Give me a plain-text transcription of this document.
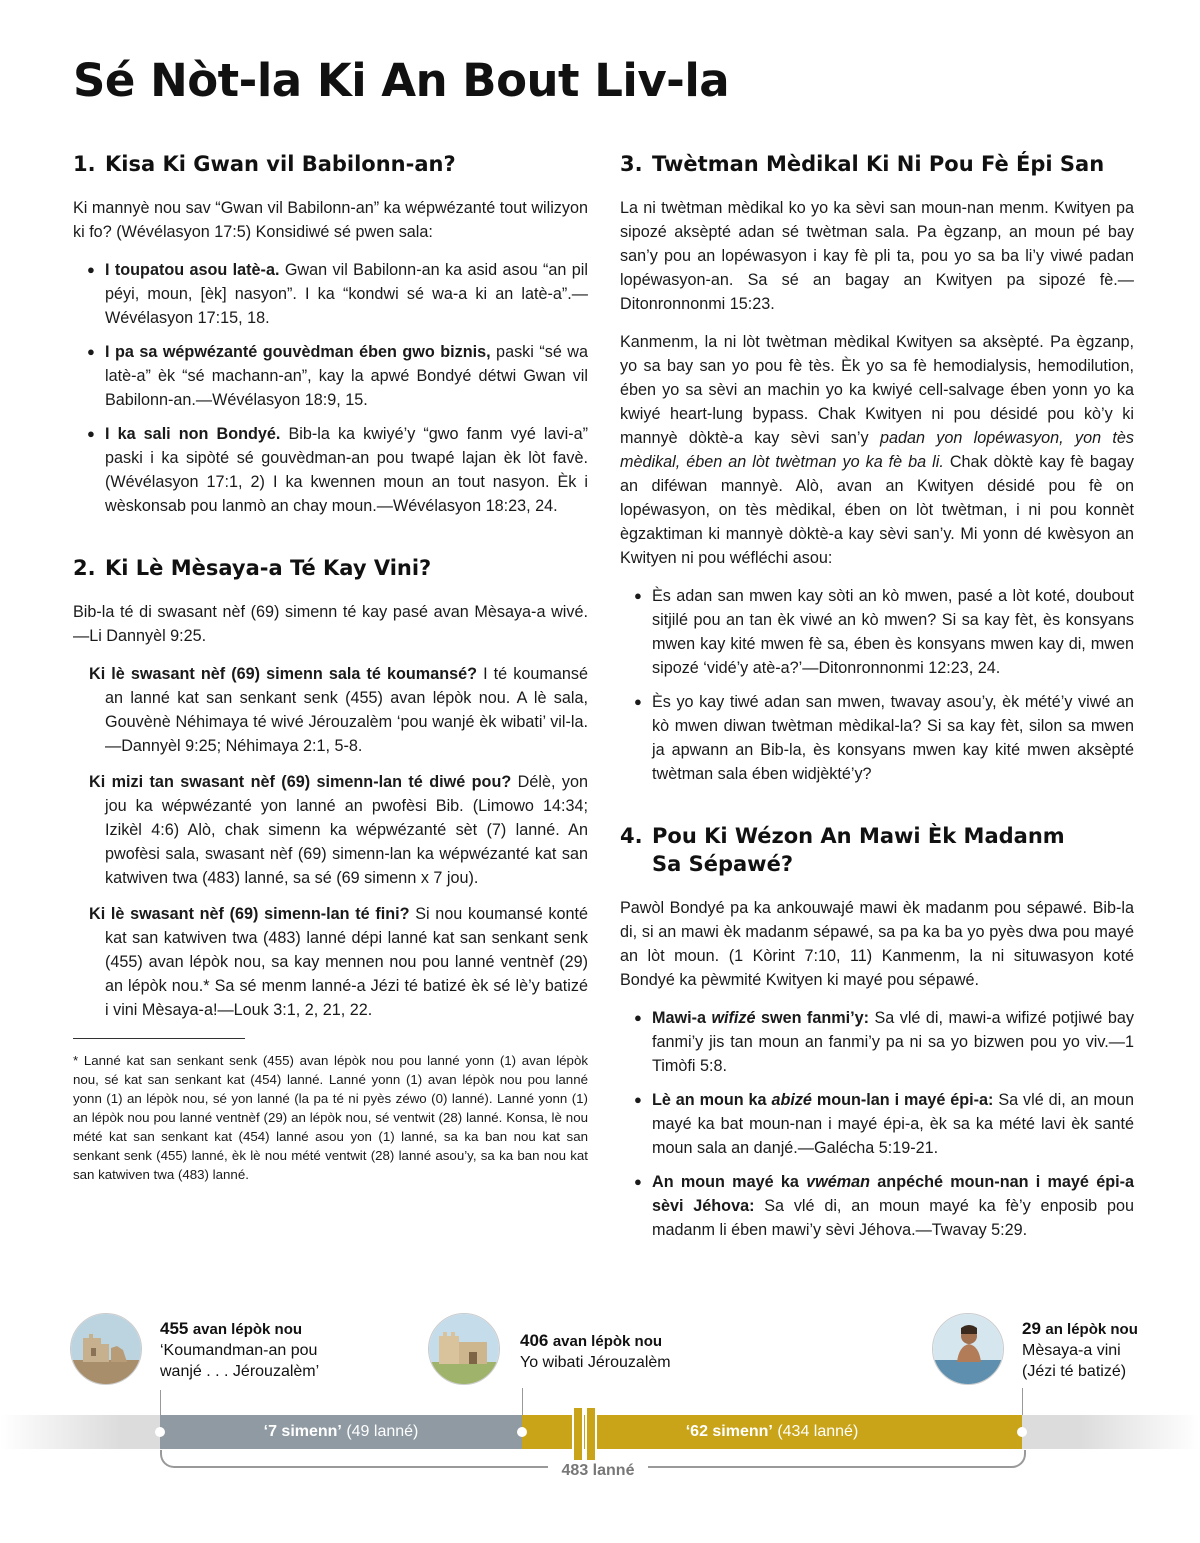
Sé Nòt-la Ki An Bout Liv-la
1. Kisa Ki Gwan vil Babilonn-an?

Ki mannyè nou sav “Gwan vil Babilonn-an” ka wépwézanté tout wilizyon ki fo? (Wévélasyon 17:5) Konsidiwé sé pwen sala:

● I toupatou asou latè-a. Gwan vil Babilonn-an ka asid asou “an pil péyi, moun, [èk] nasyon”. I ka “kondwi sé wa-a ki an latè-a”.—Wévélasyon 17:15, 18.
● I pa sa wépwézanté gouvèdman ében gwo biznis, paski “sé wa latè-a” èk “sé machann-an”, kay la apwé Bondyé détwi Gwan vil Babilonn-an.—Wévélasyon 18:9, 15.
● I ka sali non Bondyé. Bib-la ka kwiyé’y “gwo fanm vyé lavi-a” paski i ka sipòté sé gouvèdman-an pou twapé lajan èk lòt favè. (Wévélasyon 17:1, 2) I ka kwennen moun an tout nasyon. Èk i wèskonsab pou lanmò an chay moun.—Wévélasyon 18:23, 24.
2. Ki Lè Mèsaya-a Té Kay Vini?

Bib-la té di swasant nèf (69) simenn té kay pasé avan Mèsaya-a wivé.—Li Dannyèl 9:25.

Ki lè swasant nèf (69) simenn sala té koumansé? I té koumansé an lanné kat san senkant senk (455) avan lépòk nou. A lè sala, Gouvènè Néhimaya té wivé Jérouzalèm ‘pou wanjé èk wibati’ vil-la.—Dannyèl 9:25; Néhimaya 2:1, 5-8.

Ki mizi tan swasant nèf (69) simenn-lan té diwé pou? Délè, yon jou ka wépwézanté yon lanné an pwofèsi Bib. (Limowo 14:34; Izikèl 4:6) Alò, chak simenn ka wépwézanté sèt (7) lanné. An pwofèsi sala, swasant nèf (69) simenn-lan ka wépwézanté kat san katwiven twa (483) lanné, sa sé (69 simenn x 7 jou).

Ki lè swasant nèf (69) simenn-lan té fini? Si nou koumansé konté kat san katwiven twa (483) lanné dépi lanné kat san senkant senk (455) avan lépòk nou, sa kay mennen nou pou lanné ventnèf (29) an lépòk nou.* Sa sé menm lanné-a Jézi té batizé èk sé lè’y batizé i vini Mèsaya-a!—Louk 3:1, 2, 21, 22.

* Lanné kat san senkant senk (455) avan lépòk nou pou lanné yonn (1) avan lépòk nou, sé kat san senkant kat (454) lanné. Lanné yonn (1) avan lépòk nou pou lanné yonn (1) an lépòk nou, sé yon lanné (la pa té ni pyès zéwo (0) lanné). Lanné yonn (1) an lépòk nou pou lanné ventnèf (29) an lépòk nou, sé ventwit (28) lanné. Konsa, lè nou mété kat san senkant kat (454) lanné asou yon (1) lanné, sa ka ban nou kat san senkant senk (455) lanné, èk lè nou mété ventwit (28) lanné asou’y, sa ka ban nou kat san katwiven twa (483) lanné.

3. Twètman Mèdikal Ki Ni Pou Fè Épi San

La ni twètman mèdikal ko yo ka sèvi san moun-nan menm. Kwityen pa sipozé aksèpté adan sé twètman sala. Pa ègzanp, an moun pé bay san’y pou an lopéwasyon i kay fè pli ta, pou yo sa ba li’y viwé padan lopéwasyon-an. Sa sé an bagay an Kwityen pa sipozé fè.—Ditonronnonmi 15:23.

Kanmenm, la ni lòt twètman mèdikal Kwityen sa aksèpté. Pa ègzanp, yo sa bay san yo pou fè tès. Èk yo sa fè hemodialysis, hemodilution, ében yo sa sèvi an machin yo ka kwiyé cell-salvage ében yonn yo ka kwiyé heart-lung bypass. Chak Kwityen ni pou désidé pou kò’y ki mannyè dòktè-a kay sèvi san’y padan yon lopéwasyon, yon tès mèdikal, ében an lòt twètman yo ka fè ba li. Chak dòktè kay fè bagay an diféwan mannyè. Alò, avan an Kwityen désidé pou fè on lopéwasyon, on tès mèdikal, ében on lòt twètman, i ni pou konnèt ègzaktiman ki mannyè dòktè-a kay sèvi san’y. Mi yonn dé kwèsyon an Kwityen ni pou wéfléchi asou:

● Ès adan san mwen kay sòti an kò mwen, pasé a lòt koté, doubout sitjilé pou an tan èk viwé an kò mwen? Si sa kay fèt, ès konsyans mwen kay kité mwen fè sa, ében ès konsyans mwen kay di, mwen sipozé ‘vidé’y atè-a?’—Ditonronnonmi 12:23, 24.
● Ès yo kay tiwé adan san mwen, twavay asou’y, èk mété’y viwé an kò mwen diwan twètman mèdikal-la? Si sa kay fèt, silon sa mwen ja apwann an Bib-la, ès konsyans mwen kay kité mwen aksèpté twètman sala ében widjèkté’y?
4. Pou Ki Wézon An Mawi Èk Madanm
Sa Sépawé?

Pawòl Bondyé pa ka ankouwajé mawi èk madanm pou sépawé. Bib-la di, si an mawi èk madanm sépawé, sa pa ka ba yo pyès dwa pou mayé an lòt moun. (1 Kòrint 7:10, 11) Kanmenm, la ni situwasyon koté Bondyé ka pèwmité Kwityen ki mayé pou sépawé.

● Mawi-a wifizé swen fanmi’y: Sa vlé di, mawi-a wifizé potjiwé bay fanmi’y jis tan moun an fanmi’y pa ni sa yo bizwen pou yo viv.—1 Timòfi 5:8.
● Lè an moun ka abizé moun-lan i mayé épi-a: Sa vlé di, an moun mayé ka bat moun-nan i mayé épi-a, èk sa ka mété lavi èk santé moun sala an danjé.—Galécha 5:19-21.
● An moun mayé ka vwéman anpéché moun-nan i mayé épi-a sèvi Jéhova: Sa vlé di, an moun mayé ka fè’y enposib pou madanm li ében mawi’y sèvi Jéhova.—Twavay 5:29.
455 avan lépòk nou
‘Koumandman-an pou
wanjé . . . Jérouzalèm’
406 avan lépòk nou
Yo wibati Jérouzalèm
29 an lépòk nou
Mèsaya-a vini
(Jézi té batizé)
‘7 simenn’ (49 lanné)	‘62 simenn’ (434 lanné)
483 lanné
